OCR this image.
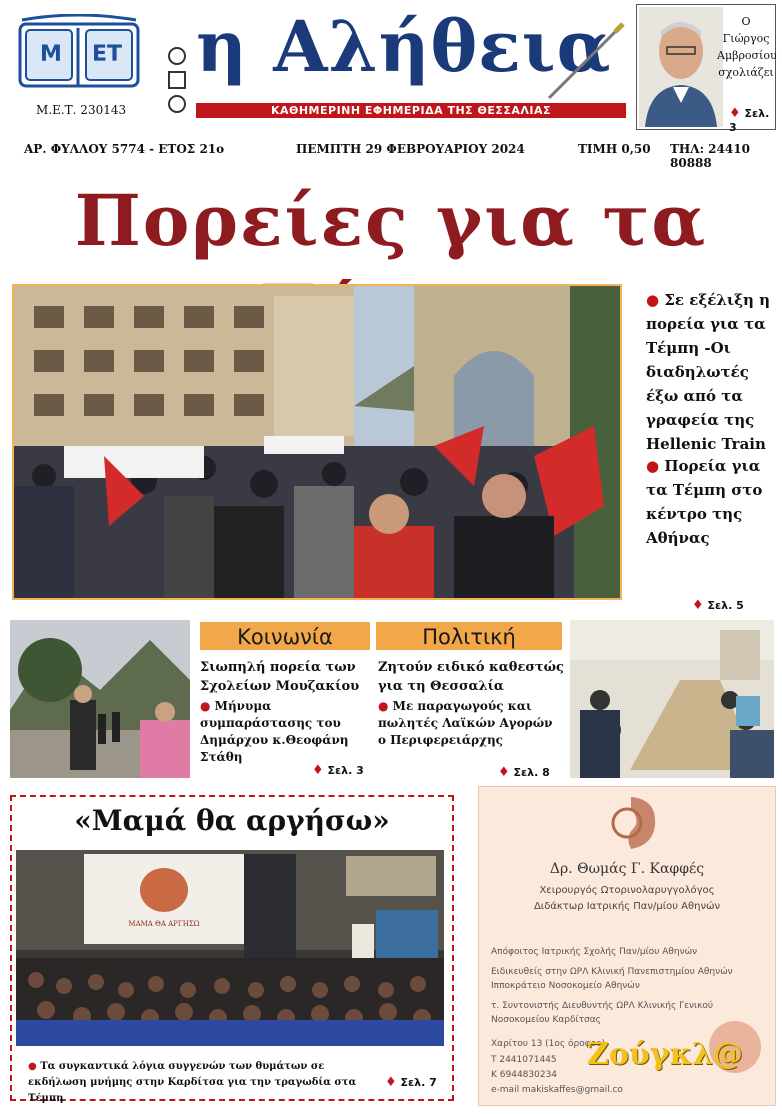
Μ ΕΤ
Μ.Ε.Τ. 230143
η Αλήθεια
ΚΑΘΗΜΕΡΙΝΗ ΕΦΗΜΕΡΙΔΑ ΤΗΣ ΘΕΣΣΑΛΙΑΣ
Ο Γιώργος Αμβροσίου σχολιάζει
♦ Σελ. 3
ΑΡ. ΦΥΛΛΟΥ 5774 - ΕΤΟΣ 21ο	ΠΕΜΠΤΗ 29 ΦΕΒΡΟΥΑΡΙΟΥ 2024	ΤΙΜΗ 0,50 ΤΗΛ: 24410 80888
Πορείες για τα
● Σε εξέλιξη η πορεία για τα Τέμπη -Οι διαδηλωτές έξω από τα γραφεία της Hellenic Train
● Πορεία για τα Τέμπη στο κέντρο της Αθήνας
♦ Σελ. 5
Κοινωνία
Σιωπηλή πορεία των Σχολείων Μουζακίου
● Μήνυμα συμπαράστασης του Δημάρχου κ.Θεοφάνη Στάθη
♦ Σελ. 3
Πολιτική
Ζητούν ειδικό καθεστώς για τη Θεσσαλία
● Με παραγωγούς και πωλητές Λαϊκών Αγορών ο Περιφερειάρχης
♦ Σελ. 8
«Μαμά θα αργήσω»
ΜΑΜΑ ΘΑ ΑΡΓΗΣΩ
● Τα συγκαντικά λόγια συγγενών των θυμάτων σε εκδήλωση μνήμης στην Καρδίτσα για την τραγωδία στα Τέμπη
♦ Σελ. 7
Δρ. Θωμάς Γ. Καφφές
Χειρουργός Ωτορινολαρυγγολόγος
Διδάκτωρ Ιατρικής Παν/μίου Αθηνών
Απόφοιτος Ιατρικής Σχολής Παν/μίου Αθηνών
Ειδικευθείς στην ΩΡΛ Κλινική Πανεπιστημίου Αθηνών Ιπποκράτειο Νοσοκομείο Αθηνών
τ. Συντονιστής Διευθυντής ΩΡΛ Κλινικής Γενικού Νοσοκομείου Καρδίτσας
Χαρίτου 13 (1ος όροφος)
Τ 2441071445
Κ 6944830234
e-mail makiskaffes@gmail.co
Ζούγκλ@
